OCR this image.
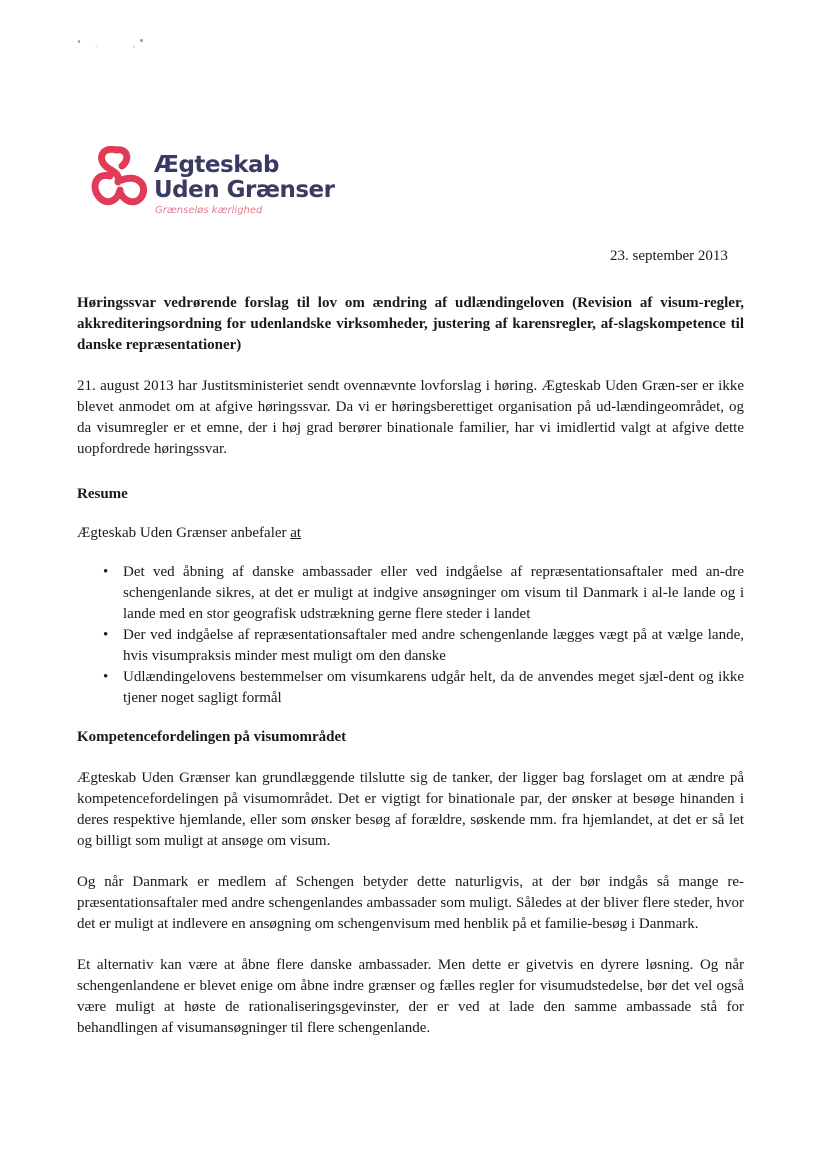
Ægteskab
Uden Grænser
Grænseløs kærlighed
23. september 2013

Høringssvar vedrørende forslag til lov om ændring af udlændingeloven (Revision af visum-regler, akkrediteringsordning for udenlandske virksomheder, justering af karensregler, af-slagskompetence til danske repræsentationer)

21. august 2013 har Justitsministeriet sendt ovennævnte lovforslag i høring. Ægteskab Uden Græn-ser er ikke blevet anmodet om at afgive høringssvar. Da vi er høringsberettiget organisation på ud-lændingeområdet, og da visumregler er et emne, der i høj grad berører binationale familier, har vi imidlertid valgt at afgive dette uopfordrede høringssvar.

Resume

Ægteskab Uden Grænser anbefaler at

• Det ved åbning af danske ambassader eller ved indgåelse af repræsentationsaftaler med an-dre schengenlande sikres, at det er muligt at indgive ansøgninger om visum til Danmark i al-le lande og i lande med en stor geografisk udstrækning gerne flere steder i landet
• Der ved indgåelse af repræsentationsaftaler med andre schengenlande lægges vægt på at vælge lande, hvis visumpraksis minder mest muligt om den danske
• Udlændingelovens bestemmelser om visumkarens udgår helt, da de anvendes meget sjæl-dent og ikke tjener noget sagligt formål

Kompetencefordelingen på visumområdet

Ægteskab Uden Grænser kan grundlæggende tilslutte sig de tanker, der ligger bag forslaget om at ændre på kompetencefordelingen på visumområdet. Det er vigtigt for binationale par, der ønsker at besøge hinanden i deres respektive hjemlande, eller som ønsker besøg af forældre, søskende mm. fra hjemlandet, at det er så let og billigt som muligt at ansøge om visum.

Og når Danmark er medlem af Schengen betyder dette naturligvis, at der bør indgås så mange re-præsentationsaftaler med andre schengenlandes ambassader som muligt. Således at der bliver flere steder, hvor det er muligt at indlevere en ansøgning om schengenvisum med henblik på et familie-besøg i Danmark.

Et alternativ kan være at åbne flere danske ambassader. Men dette er givetvis en dyrere løsning. Og når schengenlandene er blevet enige om åbne indre grænser og fælles regler for visumudstedelse, bør det vel også være muligt at høste de rationaliseringsgevinster, der er ved at lade den samme ambassade stå for behandlingen af visumansøgninger til flere schengenlande.
